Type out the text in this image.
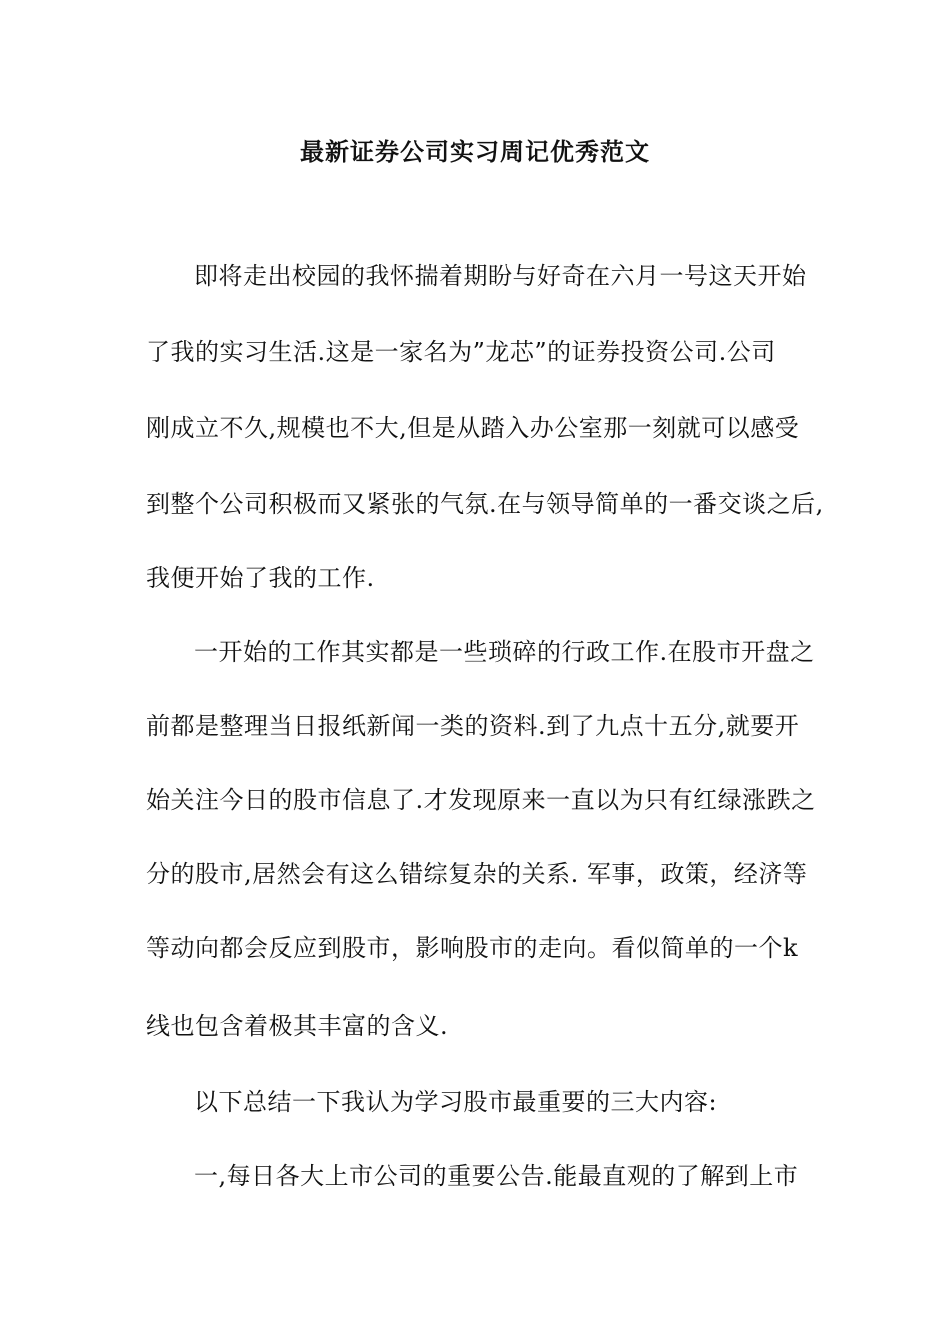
最新证券公司实习周记优秀范文

即将走出校园的我怀揣着期盼与好奇在六月一号这天开始

了我的实习生活.这是一家名为”龙芯”的证券投资公司.公司

刚成立不久,规模也不大,但是从踏入办公室那一刻就可以感受

到整个公司积极而又紧张的气氛.在与领导简单的一番交谈之后,

我便开始了我的工作.

一开始的工作其实都是一些琐碎的行政工作.在股市开盘之

前都是整理当日报纸新闻一类的资料.到了九点十五分,就要开

始关注今日的股市信息了.才发现原来一直以为只有红绿涨跌之

分的股市,居然会有这么错综复杂的关系. 军事，政策，经济等

等动向都会反应到股市，影响股市的走向。看似简单的一个k

线也包含着极其丰富的含义.

以下总结一下我认为学习股市最重要的三大内容:

一,每日各大上市公司的重要公告.能最直观的了解到上市
